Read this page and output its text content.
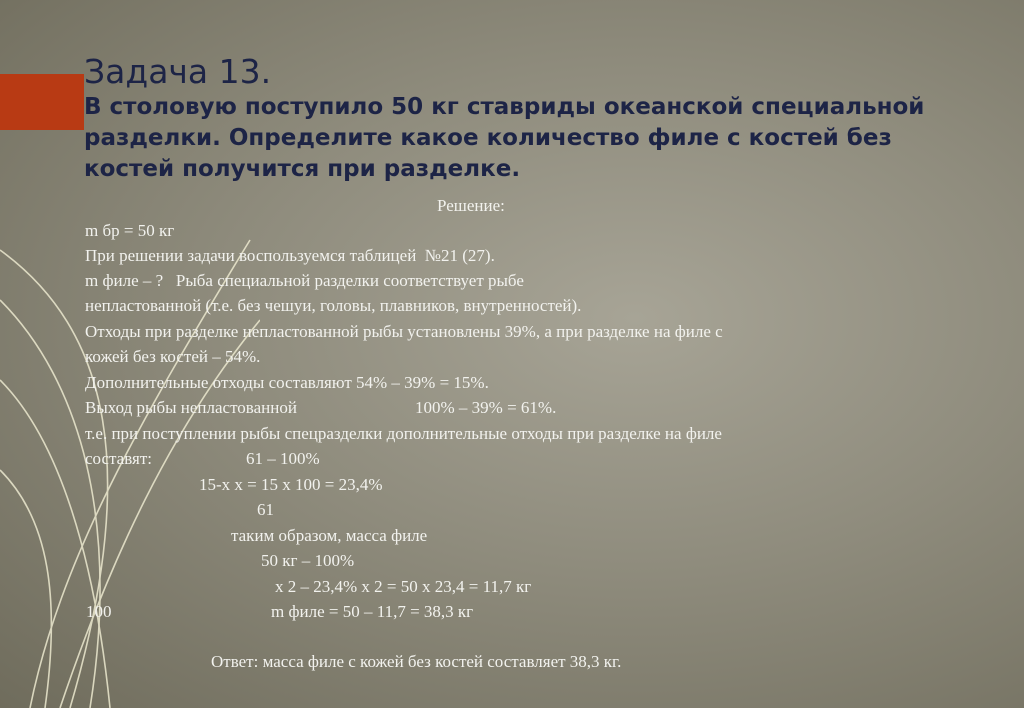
Задача 13.
В столовую поступило 50 кг ставриды океанской специальной разделки. Определите какое количество филе с костей без костей получится при разделке.
Решение:
m бр = 50 кг
При решении задачи воспользуемся таблицей  №21 (27).
m филе – ?   Рыба специальной разделки соответствует рыбе
непластованной (т.е. без чешуи, головы, плавников, внутренностей).
Отходы при разделке непластованной рыбы установлены 39%, а при разделке на филе с
кожей без костей – 54%.
Дополнительные отходы составляют 54% – 39% = 15%.
Выход рыбы непластованной	100% – 39% = 61%.
т.е. при поступлении рыбы спецразделки дополнительные отходы при разделке на филе
составят:	61 – 100%
15-х х = 15 х 100 = 23,4%
61
таким образом, масса филе
50 кг – 100%
х 2 – 23,4% х 2 = 50 х 23,4 = 11,7 кг
100	m филе = 50 – 11,7 = 38,3 кг
Ответ: масса филе с кожей без костей составляет 38,3 кг.
